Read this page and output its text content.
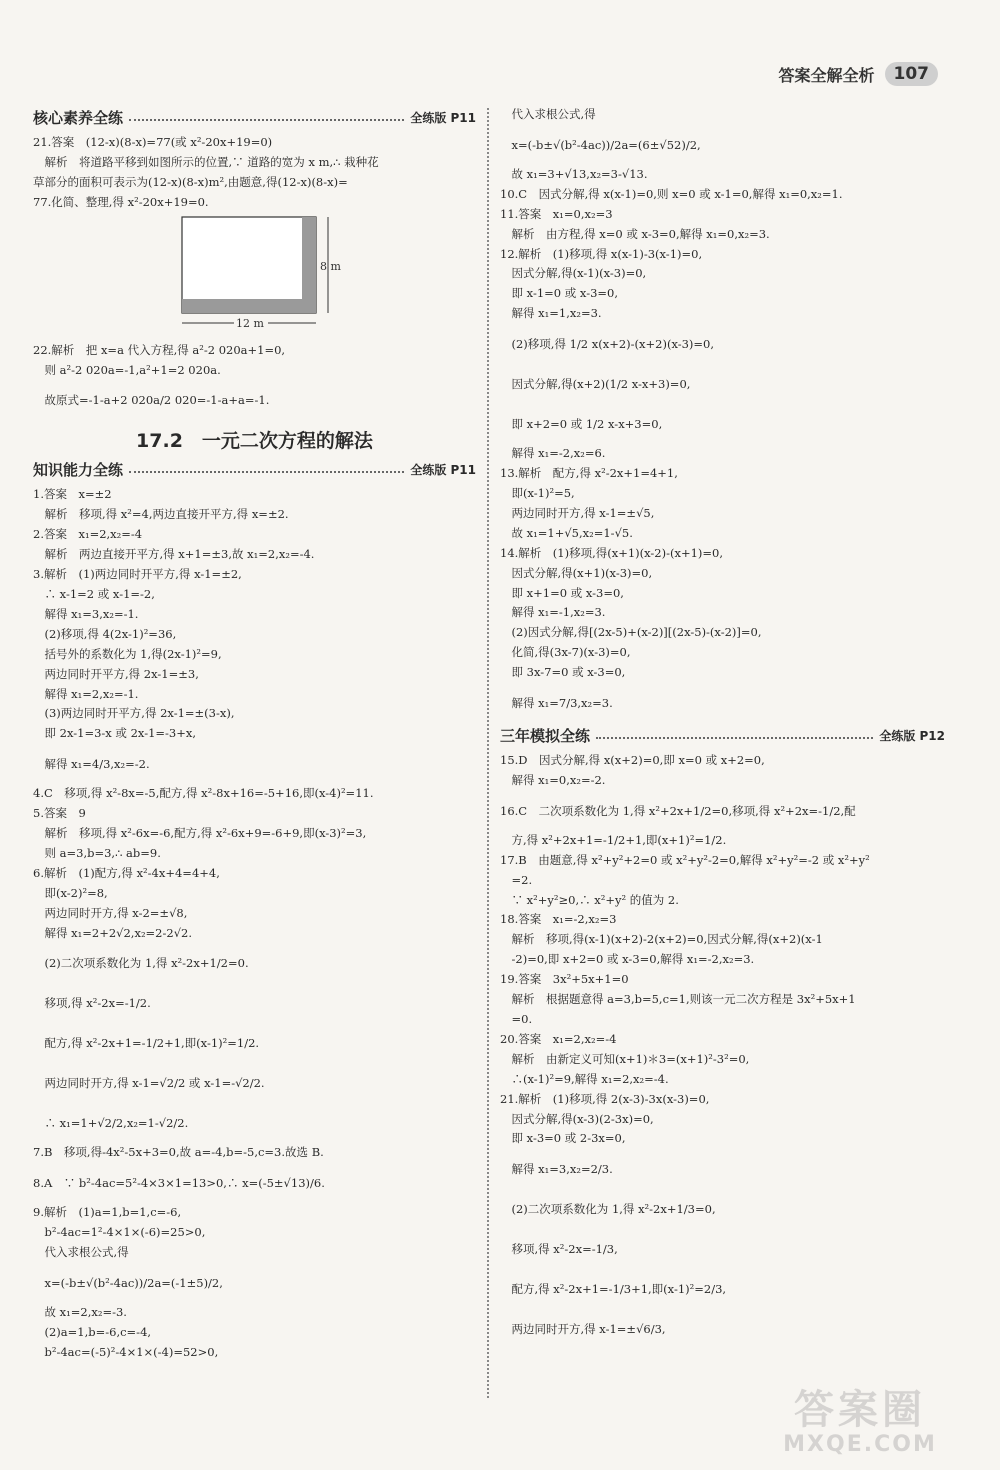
答案全解全析	107
核心素养全练	全练版 P11
21.答案　(12-x)(8-x)=77(或 x²-20x+19=0)
　解析　将道路平移到如图所示的位置,∵ 道路的宽为 x m,∴ 栽种花
草部分的面积可表示为(12-x)(8-x)m²,由题意,得(12-x)(8-x)=
77.化简、整理,得 x²-20x+19=0.
8 m
12 m
22.解析　把 x=a 代入方程,得 a²-2 020a+1=0,
　则 a²-2 020a=-1,a²+1=2 020a.
　故原式=-1-a+2 020a/2 020=-1-a+a=-1.
17.2　一元二次方程的解法
知识能力全练	全练版 P11
1.答案　x=±2
　解析　移项,得 x²=4,两边直接开平方,得 x=±2.
2.答案　x₁=2,x₂=-4
　解析　两边直接开平方,得 x+1=±3,故 x₁=2,x₂=-4.
3.解析　(1)两边同时开平方,得 x-1=±2,
　∴ x-1=2 或 x-1=-2,
　解得 x₁=3,x₂=-1.
　(2)移项,得 4(2x-1)²=36,
　括号外的系数化为 1,得(2x-1)²=9,
　两边同时开平方,得 2x-1=±3,
　解得 x₁=2,x₂=-1.
　(3)两边同时开平方,得 2x-1=±(3-x),
　即 2x-1=3-x 或 2x-1=-3+x,
　解得 x₁=4/3,x₂=-2.
4.C　移项,得 x²-8x=-5,配方,得 x²-8x+16=-5+16,即(x-4)²=11.
5.答案　9
　解析　移项,得 x²-6x=-6,配方,得 x²-6x+9=-6+9,即(x-3)²=3,
　则 a=3,b=3,∴ ab=9.
6.解析　(1)配方,得 x²-4x+4=4+4,
　即(x-2)²=8,
　两边同时开方,得 x-2=±√8,
　解得 x₁=2+2√2,x₂=2-2√2.
　(2)二次项系数化为 1,得 x²-2x+1/2=0.
　移项,得 x²-2x=-1/2.
　配方,得 x²-2x+1=-1/2+1,即(x-1)²=1/2.
　两边同时开方,得 x-1=√2/2 或 x-1=-√2/2.
　∴ x₁=1+√2/2,x₂=1-√2/2.
7.B　移项,得-4x²-5x+3=0,故 a=-4,b=-5,c=3.故选 B.
8.A　∵ b²-4ac=5²-4×3×1=13>0,∴ x=(-5±√13)/6.
9.解析　(1)a=1,b=1,c=-6,
　b²-4ac=1²-4×1×(-6)=25>0,
　代入求根公式,得
　x=(-b±√(b²-4ac))/2a=(-1±5)/2,
　故 x₁=2,x₂=-3.
　(2)a=1,b=-6,c=-4,
　b²-4ac=(-5)²-4×1×(-4)=52>0,
　代入求根公式,得
　x=(-b±√(b²-4ac))/2a=(6±√52)/2,
　故 x₁=3+√13,x₂=3-√13.
10.C　因式分解,得 x(x-1)=0,则 x=0 或 x-1=0,解得 x₁=0,x₂=1.
11.答案　x₁=0,x₂=3
　解析　由方程,得 x=0 或 x-3=0,解得 x₁=0,x₂=3.
12.解析　(1)移项,得 x(x-1)-3(x-1)=0,
　因式分解,得(x-1)(x-3)=0,
　即 x-1=0 或 x-3=0,
　解得 x₁=1,x₂=3.
　(2)移项,得 1/2 x(x+2)-(x+2)(x-3)=0,
　因式分解,得(x+2)(1/2 x-x+3)=0,
　即 x+2=0 或 1/2 x-x+3=0,
　解得 x₁=-2,x₂=6.
13.解析　配方,得 x²-2x+1=4+1,
　即(x-1)²=5,
　两边同时开方,得 x-1=±√5,
　故 x₁=1+√5,x₂=1-√5.
14.解析　(1)移项,得(x+1)(x-2)-(x+1)=0,
　因式分解,得(x+1)(x-3)=0,
　即 x+1=0 或 x-3=0,
　解得 x₁=-1,x₂=3.
　(2)因式分解,得[(2x-5)+(x-2)][(2x-5)-(x-2)]=0,
　化简,得(3x-7)(x-3)=0,
　即 3x-7=0 或 x-3=0,
　解得 x₁=7/3,x₂=3.
三年模拟全练	全练版 P12
15.D　因式分解,得 x(x+2)=0,即 x=0 或 x+2=0,
　解得 x₁=0,x₂=-2.
16.C　二次项系数化为 1,得 x²+2x+1/2=0,移项,得 x²+2x=-1/2,配
　方,得 x²+2x+1=-1/2+1,即(x+1)²=1/2.
17.B　由题意,得 x²+y²+2=0 或 x²+y²-2=0,解得 x²+y²=-2 或 x²+y²
　=2.
　∵ x²+y²≥0,∴ x²+y² 的值为 2.
18.答案　x₁=-2,x₂=3
　解析　移项,得(x-1)(x+2)-2(x+2)=0,因式分解,得(x+2)(x-1
　-2)=0,即 x+2=0 或 x-3=0,解得 x₁=-2,x₂=3.
19.答案　3x²+5x+1=0
　解析　根据题意得 a=3,b=5,c=1,则该一元二次方程是 3x²+5x+1
　=0.
20.答案　x₁=2,x₂=-4
　解析　由新定义可知(x+1)＊3=(x+1)²-3²=0,
　∴(x-1)²=9,解得 x₁=2,x₂=-4.
21.解析　(1)移项,得 2(x-3)-3x(x-3)=0,
　因式分解,得(x-3)(2-3x)=0,
　即 x-3=0 或 2-3x=0,
　解得 x₁=3,x₂=2/3.
　(2)二次项系数化为 1,得 x²-2x+1/3=0,
　移项,得 x²-2x=-1/3,
　配方,得 x²-2x+1=-1/3+1,即(x-1)²=2/3,
　两边同时开方,得 x-1=±√6/3,
答案圈
MXQE.COM
